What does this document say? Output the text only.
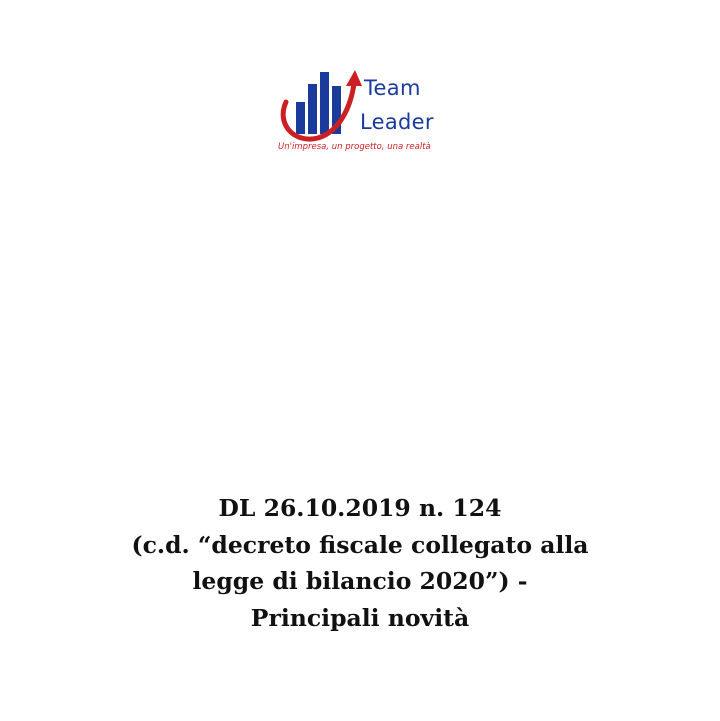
Team
Leader
Un'impresa, un progetto, una realtà
DL 26.10.2019 n. 124
(c.d. “decreto fiscale collegato alla
legge di bilancio 2020”) -
Principali novità
